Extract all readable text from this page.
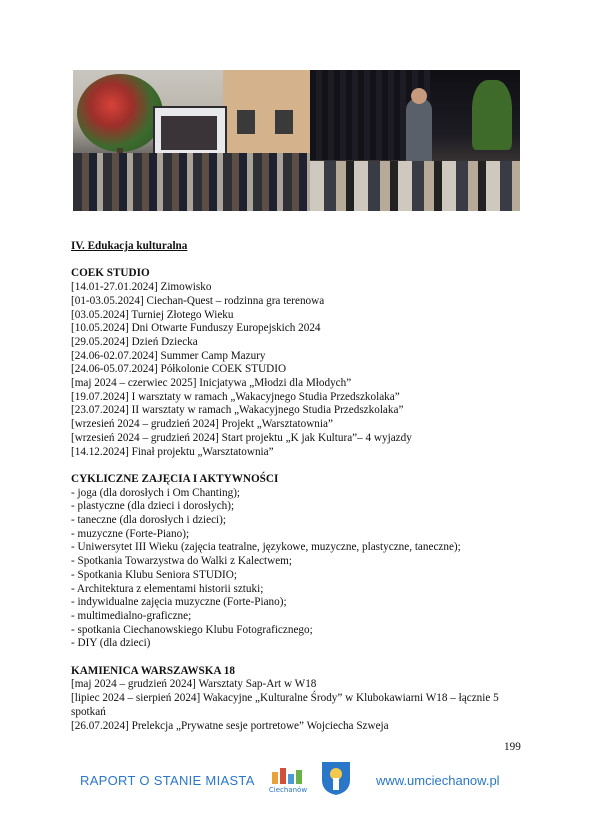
IV. Edukacja kulturalna
COEK STUDIO
[14.01-27.01.2024] Zimowisko
[01-03.05.2024] Ciechan-Quest – rodzinna gra terenowa
[03.05.2024] Turniej Złotego Wieku
[10.05.2024] Dni Otwarte Funduszy Europejskich 2024
[29.05.2024] Dzień Dziecka
[24.06-02.07.2024] Summer Camp Mazury
[24.06-05.07.2024] Półkolonie COEK STUDIO
[maj 2024 – czerwiec 2025] Inicjatywa „Młodzi dla Młodych”
[19.07.2024] I warsztaty w ramach „Wakacyjnego Studia Przedszkolaka”
[23.07.2024] II warsztaty w ramach „Wakacyjnego Studia Przedszkolaka”
[wrzesień 2024 – grudzień 2024] Projekt „Warsztatownia”
[wrzesień 2024 – grudzień 2024] Start projektu „K jak Kultura”– 4 wyjazdy
[14.12.2024] Finał projektu „Warsztatownia”
CYKLICZNE ZAJĘCIA I AKTYWNOŚCI
- joga (dla dorosłych i Om Chanting);
- plastyczne (dla dzieci i dorosłych);
- taneczne (dla dorosłych i dzieci);
- muzyczne (Forte-Piano);
- Uniwersytet III Wieku (zajęcia teatralne, językowe, muzyczne, plastyczne, taneczne);
- Spotkania Towarzystwa do Walki z Kalectwem;
- Spotkania Klubu Seniora STUDIO;
- Architektura z elementami historii sztuki;
- indywidualne zajęcia muzyczne (Forte-Piano);
- multimedialno-graficzne;
- spotkania Ciechanowskiego Klubu Fotograficznego;
- DIY (dla dzieci)
KAMIENICA WARSZAWSKA 18
[maj 2024 – grudzień 2024] Warsztaty Sap-Art w W18
[lipiec 2024 – sierpień 2024] Wakacyjne „Kulturalne Środy” w Klubokawiarni W18 – łącznie 5 spotkań
[26.07.2024] Prelekcja „Prywatne sesje portretowe” Wojciecha Szweja
199
RAPORT O STANIE MIASTA
Ciechanów
www.umciechanow.pl
